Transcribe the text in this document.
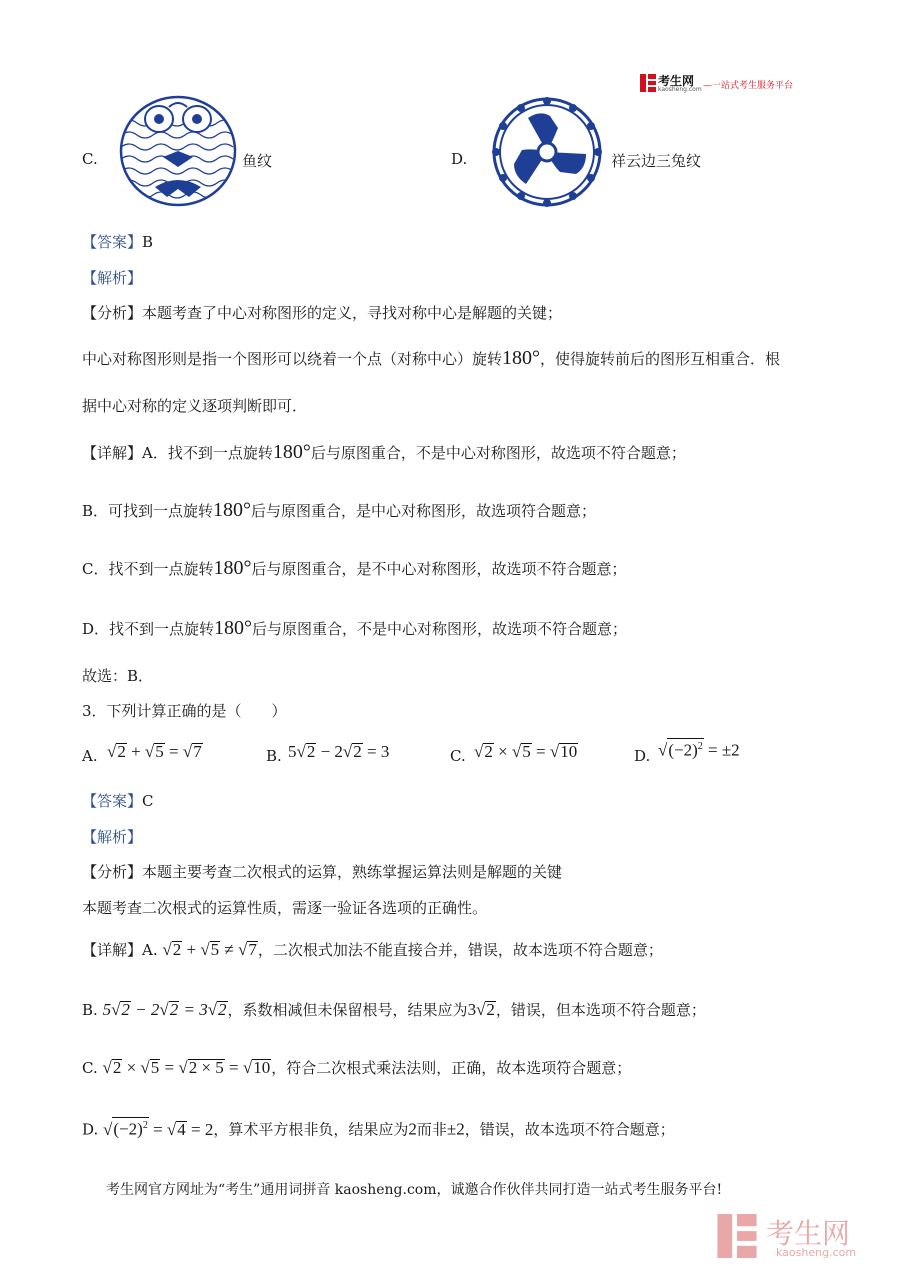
考生网
kaosheng.com —一站式考生服务平台
C.	鱼纹	D.	祥云边三兔纹
【答案】B
【解析】
【分析】本题考查了中心对称图形的定义，寻找对称中心是解题的关键；
中心对称图形则是指一个图形可以绕着一个点（对称中心）旋转180°，使得旋转前后的图形互相重合．根
据中心对称的定义逐项判断即可．
【详解】A．找不到一点旋转180°后与原图重合，不是中心对称图形，故选项不符合题意；
B．可找到一点旋转180°后与原图重合，是中心对称图形，故选项符合题意；
C．找不到一点旋转180°后与原图重合，是不中心对称图形，故选项不符合题意；
D．找不到一点旋转180°后与原图重合，不是中心对称图形，故选项不符合题意；
故选：B．
3．下列计算正确的是（　　）
A. √2 + √5 = √7	B. 5√2 − 2√2 = 3	C. √2 × √5 = √10	D. $√(-2)^2 = \pm 2$
【答案】C
【解析】
【分析】本题主要考查二次根式的运算，熟练掌握运算法则是解题的关键
本题考查二次根式的运算性质，需逐一验证各选项的正确性。
【详解】A. √2 + √5 ≠ √7，二次根式加法不能直接合并，错误，故本选项不符合题意；
B. 5√2 − 2√2 = 3√2，系数相减但未保留根号，结果应为3√2，错误，但本选项不符合题意；
C. √2 × √5 = √2 × 5 = √10，符合二次根式乘法法则，正确，故本选项符合题意；
D. $√(-2)^2 = √4 = 2$，算术平方根非负，结果应为2而非±2，错误，故本选项不符合题意；
考生网官方网址为“考生”通用词拼音 kaosheng.com，诚邀合作伙伴共同打造一站式考生服务平台!
考生网
kaosheng.com
